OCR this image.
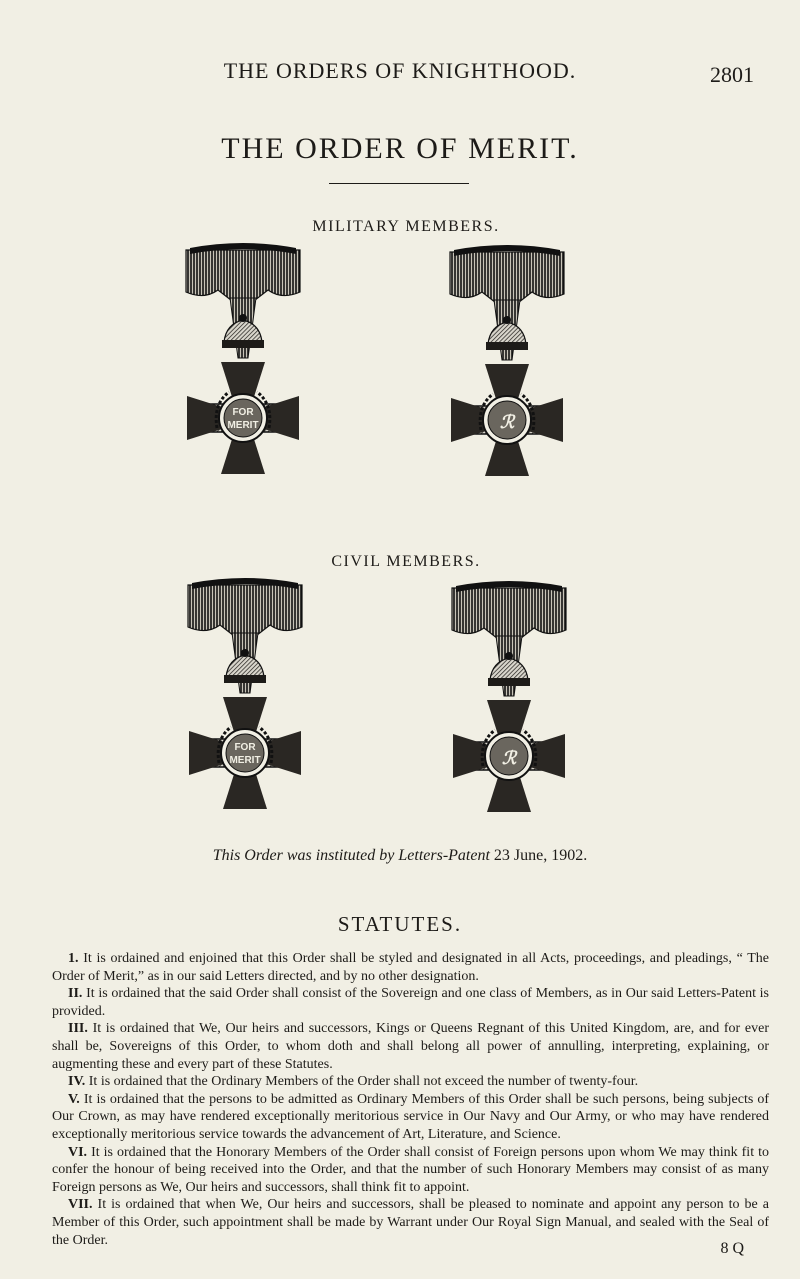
THE ORDERS OF KNIGHTHOOD.	2801
THE ORDER OF MERIT.
MILITARY MEMBERS.
FOR
MERIT	ℛ
CIVIL MEMBERS.
FOR
MERIT	ℛ
This Order was instituted by Letters-Patent 23 June, 1902.
STATUTES.

1. It is ordained and enjoined that this Order shall be styled and designated in all Acts, proceedings, and pleadings, “ The Order of Merit,” as in our said Letters directed, and by no other designation.

II. It is ordained that the said Order shall consist of the Sovereign and one class of Members, as in Our said Letters-Patent is provided.

III. It is ordained that We, Our heirs and successors, Kings or Queens Regnant of this United Kingdom, are, and for ever shall be, Sovereigns of this Order, to whom doth and shall belong all power of annulling, interpreting, explaining, or augmenting these and every part of these Statutes.

IV. It is ordained that the Ordinary Members of the Order shall not exceed the number of twenty-four.

V. It is ordained that the persons to be admitted as Ordinary Members of this Order shall be such persons, being subjects of Our Crown, as may have rendered exceptionally meritorious service in Our Navy and Our Army, or who may have rendered exceptionally meritorious service towards the advancement of Art, Literature, and Science.

VI. It is ordained that the Honorary Members of the Order shall consist of Foreign persons upon whom We may think fit to confer the honour of being received into the Order, and that the number of such Honorary Members may consist of as many Foreign persons as We, Our heirs and successors, shall think fit to appoint.

VII. It is ordained that when We, Our heirs and successors, shall be pleased to nominate and appoint any person to be a Member of this Order, such appointment shall be made by Warrant under Our Royal Sign Manual, and sealed with the Seal of the Order.	8 Q
